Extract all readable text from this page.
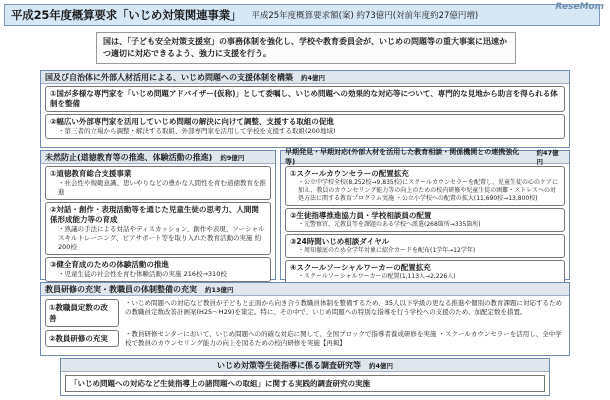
平成25年度概算要求「いじめ対策関連事業」 平成25年度概算要求額(案) 約73億円(対前年度約27億円増)
ReseMom
国は、「子ども安全対策支援室」の事務体制を強化し、学校や教育委員会が、いじめの問題等の重大事案に迅速かつ適切に対応できるよう、強力に支援を行う。
国及び自治体に外部人材活用による、いじめ問題への支援体制を構築 約4億円
①国が多様な専門家を「いじめ問題アドバイザー(仮称)」として委嘱し、いじめ問題への効果的な対応等について、専門的な見地から助言を得られる体制を整備
②幅広い外部専門家を活用していじめ問題の解決に向けて調整、支援する取組の促進
・第三者的立場から調整・解決する取組、外部専門家を活用して学校を支援する取組(200地域)
未然防止(道徳教育等の推進、体験活動の推進) 約9億円
①道徳教育総合支援事業
・社会性や規範意識、思いやりなどの豊かな人間性を育む道徳教育を推進
②対話・創作・表現活動等を通じた児童生徒の思考力、人間関係形成能力等の育成
・熟議の手法による対話やディスカッション、創作や表現、ソーシャルスキルトレーニング、ピアサポート等を取り入れた教育活動の実施 約200校
③健全育成のための体験活動の推進
・児童生徒の社会性を育む体験活動の実施 216校→310校
早期発見・早期対応(外部人材を活用した教育相談・関係機関との連携強化等)
約47億円
①スクールカウンセラーの配置拡充
・公立中学校全校(8,252校→9,835校)にスクールカウンセラーを配置し、児童生徒の心のケアに加え、教員のカウンセリング能力等の向上のための校内研修や児童生徒の困難・ストレスへの対処方法に関する教育プログラム実施 ・公立小学校への配置の拡大(11,690校→13,800校)
②生徒指導推進協力員・学校相談員の配置
・元警察官、元教員等を課題のある学校へ派遣(268箇所→335箇所)
③24時間いじめ相談ダイヤル
・周知徹底のため全学年対象に紹介カードを配布(1学年→12学年)
④スクールソーシャルワーカーの配置拡充
・スクールソーシャルワーカーの配置(1,113人→2,226人)
教員研修の充実・教職員の体制整備の充実 約13億円
①教職員定数の改善
・いじめ問題への対応など教員が子どもと正面から向き合う教職員体制を整備するため、35人以下学級の更なる推進や個別の教育課題に対応するための教職員定数改善計画案(H25〜H29)を策定。特に、その中で、いじめ問題への特別な指導を行う学校への支援のため、加配定数を措置。
②教員研修の充実	・教員研修センターにおいて、いじめ問題への的確な対応に関して、全国ブロックで指導者養成研修を実施 ・スクールカウンセラーを活用し、全中学校で教員のカウンセリング能力の向上を図るための校内研修を実施【再掲】
いじめ対策等生徒指導に係る調査研究等 約4億円
「いじめ問題への対応など生徒指導上の諸問題への取組」に関する実践的調査研究の実施
